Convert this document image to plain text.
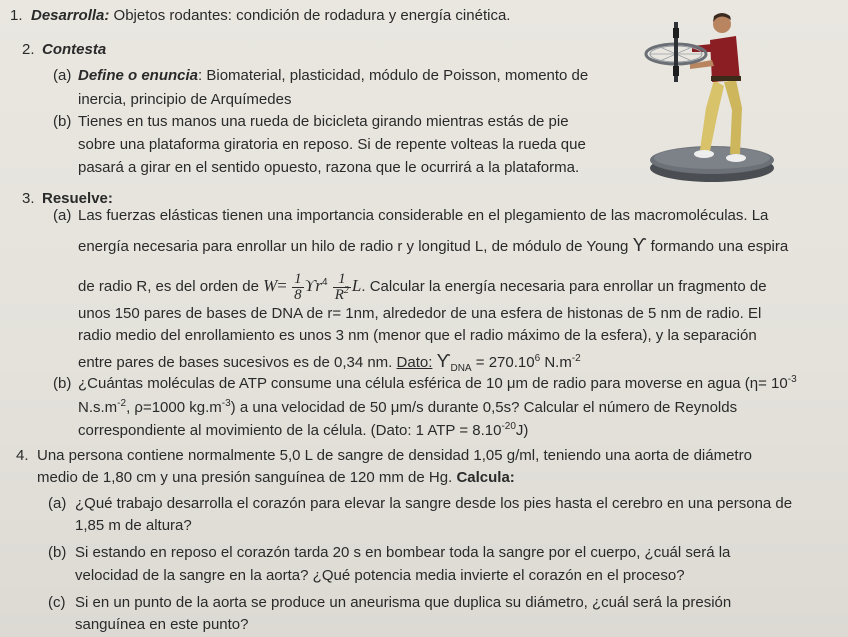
1. Desarrolla: Objetos rodantes: condición de rodadura y energía cinética.
2. Contesta
(a) Define o enuncia: Biomaterial, plasticidad, módulo de Poisson, momento de
inercia, principio de Arquímedes
(b) Tienes en tus manos una rueda de bicicleta girando mientras estás de pie
sobre una plataforma giratoria en reposo. Si de repente volteas la rueda que
pasará a girar en el sentido opuesto, razona que le ocurrirá a la plataforma.
3. Resuelve:
(a) Las fuerzas elásticas tienen una importancia considerable en el plegamiento de las macromoléculas. La
energía necesaria para enrollar un hilo de radio r y longitud L, de módulo de Young ϒ formando una espira
de radio R, es del orden de $W= \frac{1}{8} ϒr^4 \frac{1}{R^2} L$. Calcular la energía necesaria para enrollar un fragmento de
unos 150 pares de bases de DNA de r= 1nm, alrededor de una esfera de histonas de 5 nm de radio. El
radio medio del enrollamiento es unos 3 nm (menor que el radio máximo de la esfera), y la separación
entre pares de bases sucesivos es de 0,34 nm. Dato: $ϒ_{DNA} = 270.10^6$ $N.m^{-2}$
(b) ¿Cuántas moléculas de ATP consume una célula esférica de 10 μm de radio para moverse en agua ($\eta= 10^{-3}$
$N.s.m^{-2}$, ρ=1000 $kg.m^{-3}$) a una velocidad de 50 μm/s durante 0,5s? Calcular el número de Reynolds
correspondiente al movimiento de la célula. (Dato: 1 ATP = $8.10^{-20}J$)
4. Una persona contiene normalmente 5,0 L de sangre de densidad 1,05 g/ml, teniendo una aorta de diámetro
medio de 1,80 cm y una presión sanguínea de 120 mm de Hg. Calcula:
(a) ¿Qué trabajo desarrolla el corazón para elevar la sangre desde los pies hasta el cerebro en una persona de
1,85 m de altura?
(b) Si estando en reposo el corazón tarda 20 s en bombear toda la sangre por el cuerpo, ¿cuál será la
velocidad de la sangre en la aorta? ¿Qué potencia media invierte el corazón en el proceso?
(c) Si en un punto de la aorta se produce un aneurisma que duplica su diámetro, ¿cuál será la presión
sanguínea en este punto?
